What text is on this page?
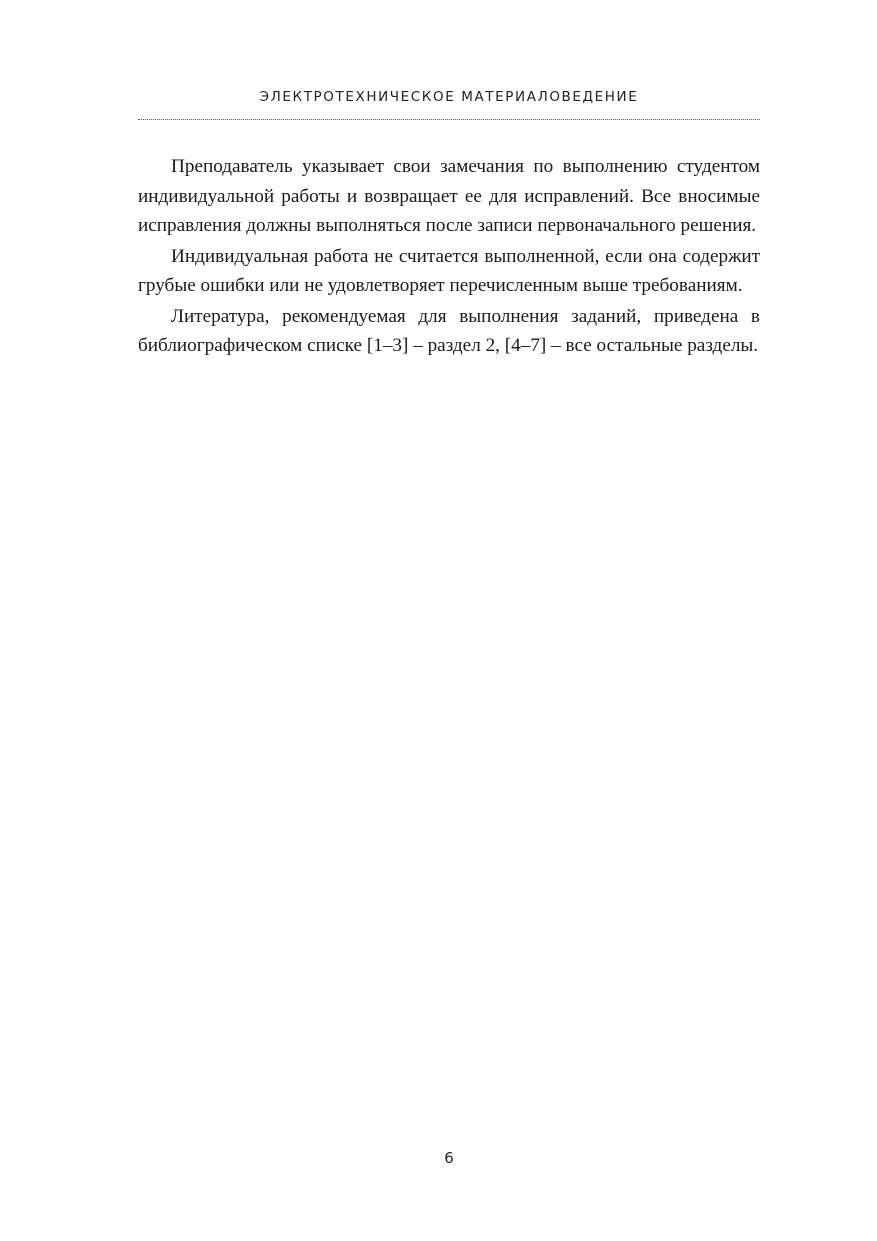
ЭЛЕКТРОТЕХНИЧЕСКОЕ МАТЕРИАЛОВЕДЕНИЕ

Преподаватель указывает свои замечания по выполнению студентом индивидуальной работы и возвращает ее для исправлений. Все вносимые исправления должны выполняться после записи первоначального решения.

Индивидуальная работа не считается выполненной, если она содержит грубые ошибки или не удовлетворяет перечисленным выше требованиям.

Литература, рекомендуемая для выполнения заданий, приведена в библиографическом списке [1–3] – раздел 2, [4–7] – все остальные разделы.

6
